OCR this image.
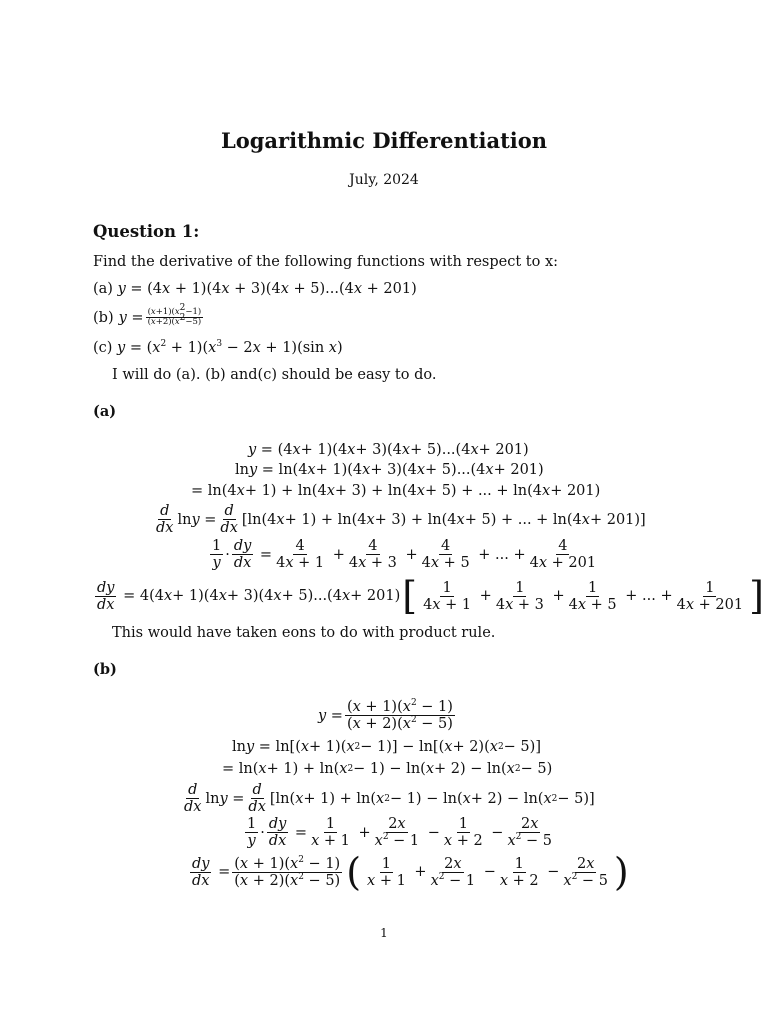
Logarithmic Differentiation
July, 2024
Question 1:
Find the derivative of the following functions with respect to x:
(a) y = (4x + 1)(4x + 3)(4x + 5)...(4x + 201)
(b) $y = \frac{(x+1)(x^2-1)}{(x+2)(x^2-5)}$
(c) $y = (x^2 + 1)(x^3 - 2x + 1)(\sin$ x)
I will do (a). (b) and(c) should be easy to do.
(a)
y = (4 x + 1)(4 x + 3)(4 x + 5)...(4 x + 201)
ln y = ln(4 x + 1)(4 x + 3)(4 x + 5)...(4 x + 201)
= ln(4 x + 1) + ln(4 x + 3) + ln(4 x + 5) + ... + ln(4 x + 201)
d
dx
ln y =
d
dx
[ln(4 x + 1) + ln(4 x + 3) + ln(4 x + 5) + ... + ln(4 x + 201)]
1
y
·
dy
dx
=
4
4x + 1
+
4
4x + 3
+
4
4x + 5
+ ... +
4
4x + 201
dy
dx
= 4(4 x + 1)(4 x + 3)(4 x + 5)...(4 x + 201) [ 1
4x + 1
+
1
4x + 3
+
1
4x + 5
+ ... +
1
4x + 201 ]
This would have taken eons to do with product rule.
(b)
y =
$(x + 1)(x^2 - 1)$
$(x + 2)(x^2 - 5)$
ln y = ln[( x + 1)( x 2 − 1)] − ln[( x + 2)( x 2 − 5)]
= ln( x + 1) + ln( x 2 − 1) − ln( x + 2) − ln( x 2 − 5)
d
dx
ln y =
d
dx
[ln( x + 1) + ln( x 2 − 1) − ln( x + 2) − ln( x 2 − 5)]
1
y
·
dy
dx
=
1
x + 1
+
2x
$x^2 - 1$
−
1
x + 2
−
2x
$x^2 - 5$
dy
dx
=
$(x + 1)(x^2 - 1)$
$(x + 2)(x^2 - 5)$ ( 1
x + 1
+
2x
$x^2 - 1$
−
1
x + 2
−
2x
$x^2 - 5$ )
1
